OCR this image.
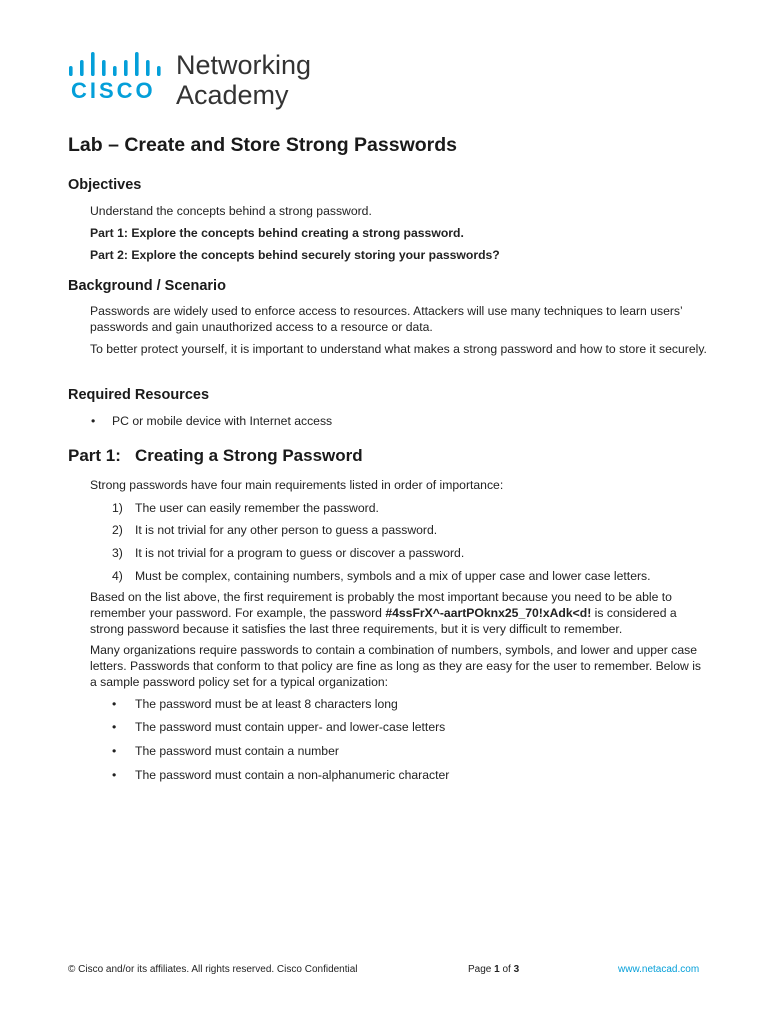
CISCO
Networking
Academy
Lab – Create and Store Strong Passwords
Objectives
Understand the concepts behind a strong password.
Part 1: Explore the concepts behind creating a strong password.
Part 2: Explore the concepts behind securely storing your passwords?
Background / Scenario
Passwords are widely used to enforce access to resources. Attackers will use many techniques to learn users’ passwords and gain unauthorized access to a resource or data.
To better protect yourself, it is important to understand what makes a strong password and how to store it securely.
Required Resources
• PC or mobile device with Internet access
Part 1: Creating a Strong Password
Strong passwords have four main requirements listed in order of importance:
1) The user can easily remember the password.
2) It is not trivial for any other person to guess a password.
3) It is not trivial for a program to guess or discover a password.
4) Must be complex, containing numbers, symbols and a mix of upper case and lower case letters.
Based on the list above, the first requirement is probably the most important because you need to be able to remember your password. For example, the password #4ssFrX^-aartPOknx25_70!xAdk<d! is considered a strong password because it satisfies the last three requirements, but it is very difficult to remember.
Many organizations require passwords to contain a combination of numbers, symbols, and lower and upper case letters. Passwords that conform to that policy are fine as long as they are easy for the user to remember. Below is a sample password policy set for a typical organization:
• The password must be at least 8 characters long
• The password must contain upper- and lower-case letters
• The password must contain a number
• The password must contain a non-alphanumeric character
© Cisco and/or its affiliates. All rights reserved. Cisco Confidential	Page 1 of 3	www.netacad.com
